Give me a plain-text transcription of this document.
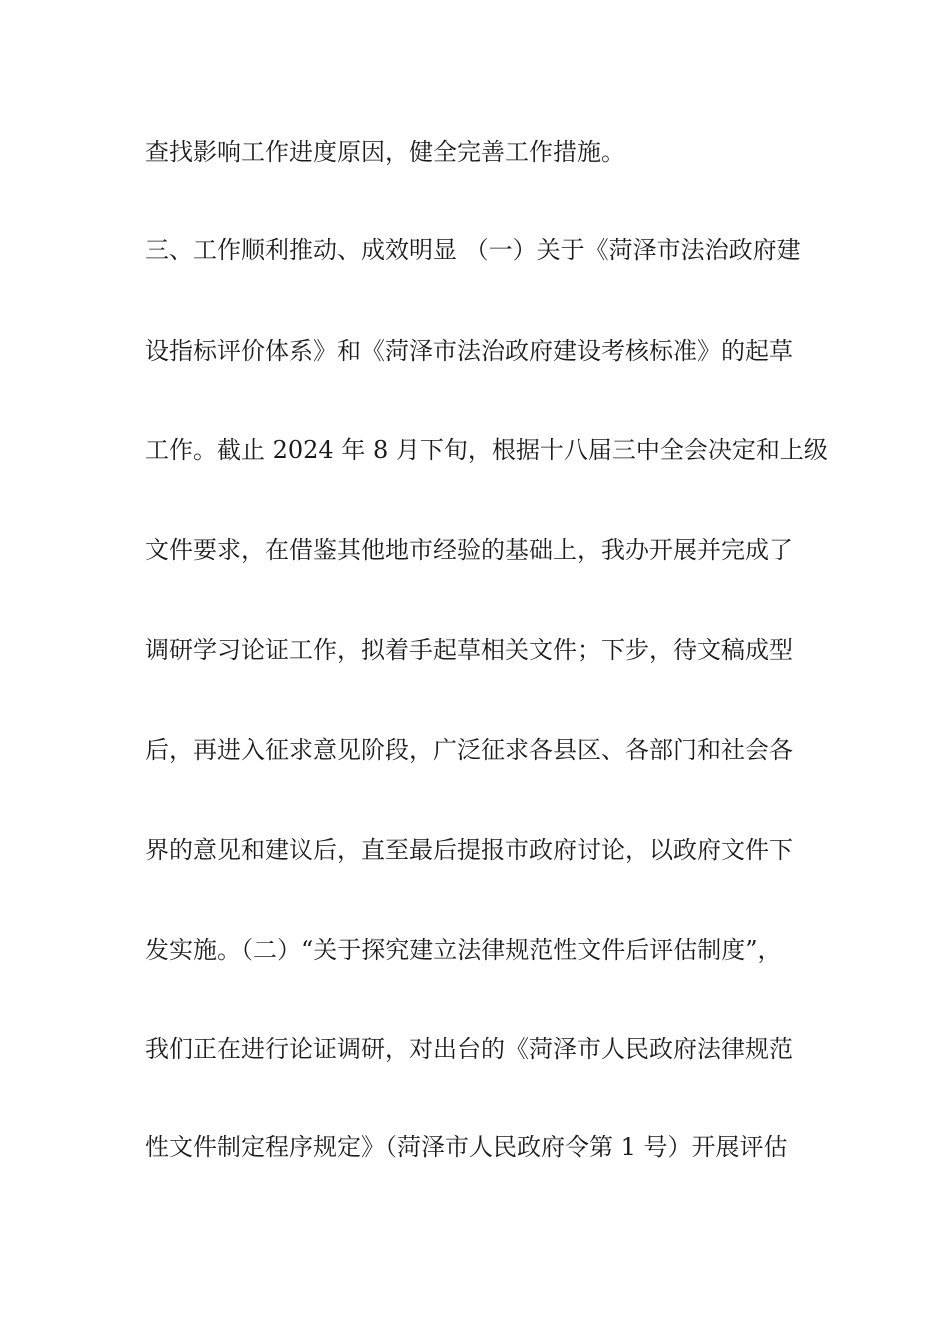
查找影响工作进度原因，健全完善工作措施。
三、工作顺利推动、成效明显 （一）关于《菏泽市法治政府建
设指标评价体系》和《菏泽市法治政府建设考核标准》的起草
工作。截止 2024 年 8 月下旬，根据十八届三中全会决定和上级
文件要求，在借鉴其他地市经验的基础上，我办开展并完成了
调研学习论证工作，拟着手起草相关文件；下步，待文稿成型
后，再进入征求意见阶段，广泛征求各县区、各部门和社会各
界的意见和建议后，直至最后提报市政府讨论，以政府文件下
发实施。（二）“关于探究建立法律规范性文件后评估制度”，
我们正在进行论证调研，对出台的《菏泽市人民政府法律规范
性文件制定程序规定》（菏泽市人民政府令第 1 号）开展评估
